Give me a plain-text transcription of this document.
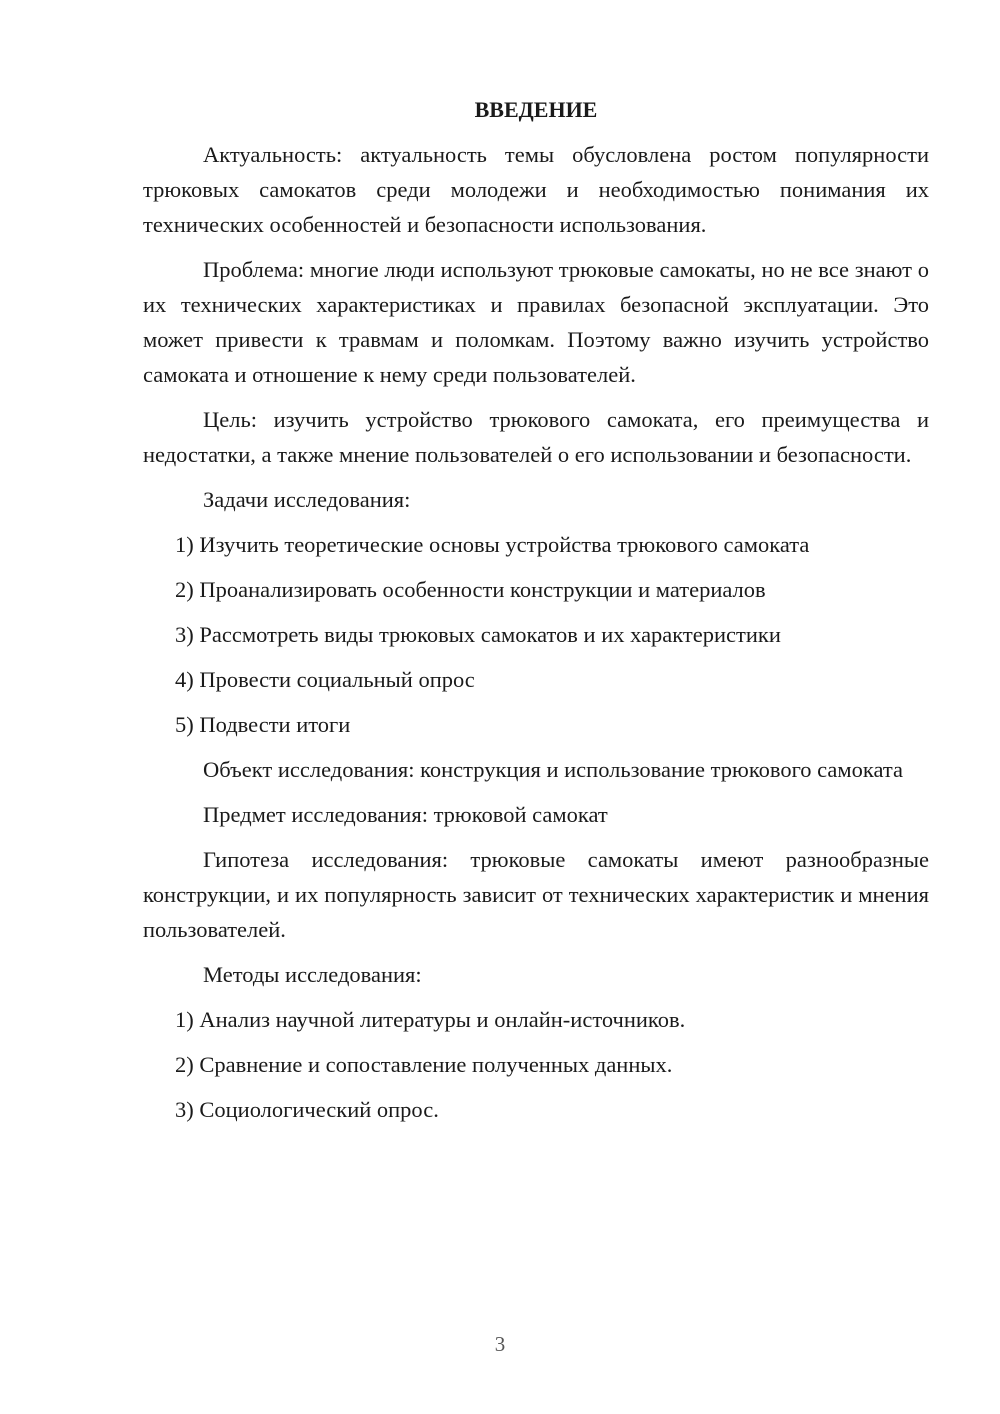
ВВЕДЕНИЕ

Актуальность: актуальность темы обусловлена ростом популярности трюковых самокатов среди молодежи и необходимостью понимания их технических особенностей и безопасности использования.

Проблема: многие люди используют трюковые самокаты, но не все знают о их технических характеристиках и правилах безопасной эксплуатации. Это может привести к травмам и поломкам. Поэтому важно изучить устройство самоката и отношение к нему среди пользователей.

Цель: изучить устройство трюкового самоката, его преимущества и недостатки, а также мнение пользователей о его использовании и безопасности.

Задачи исследования:

1) Изучить теоретические основы устройства трюкового самоката
2) Проанализировать особенности конструкции и материалов
3) Рассмотреть виды трюковых самокатов и их характеристики
4) Провести социальный опрос
5) Подвести итоги

Объект исследования: конструкция и использование трюкового самоката

Предмет исследования: трюковой самокат

Гипотеза исследования: трюковые самокаты имеют разнообразные конструкции, и их популярность зависит от технических характеристик и мнения пользователей.

Методы исследования:

1) Анализ научной литературы и онлайн-источников.
2) Сравнение и сопоставление полученных данных.
3) Социологический опрос.
3
